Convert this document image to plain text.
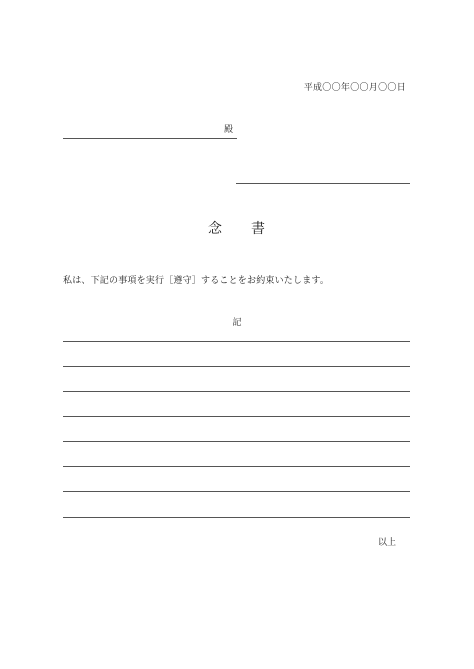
平成〇〇年〇〇月〇〇日
殿
念 書
私は、下記の事項を実行［遵守］することをお約束いたします。
記
以上
